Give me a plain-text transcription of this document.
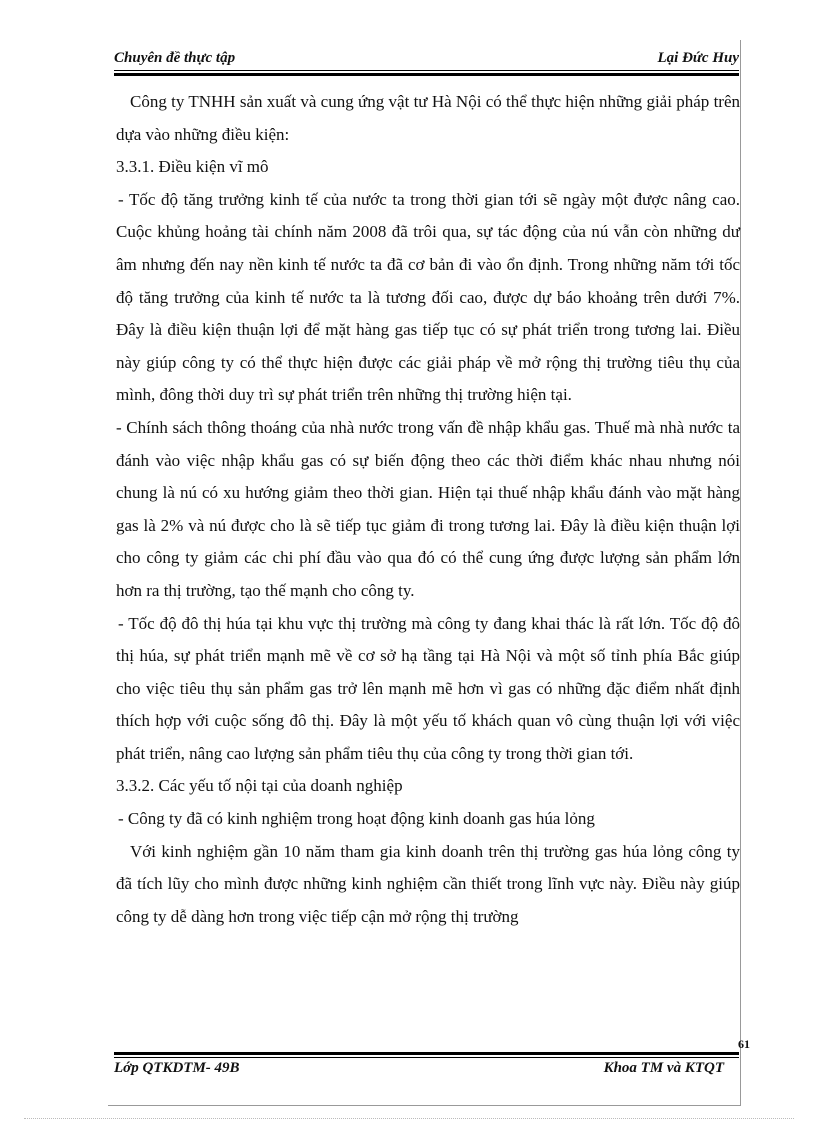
Chuyên đề thực tập	Lại Đức Huy

Công ty TNHH sản xuất và cung ứng vật tư Hà Nội có thể thực hiện những giải pháp trên dựa vào những điều kiện:

3.3.1. Điều kiện vĩ mô

- Tốc độ tăng trưởng kinh tế của nước ta trong thời gian tới sẽ ngày một được nâng cao. Cuộc khủng hoảng tài chính năm 2008 đã trôi qua, sự tác động của nú vẫn còn những dư âm nhưng đến nay nền kinh tế nước ta đã cơ bản đi vào ổn định. Trong những năm tới tốc độ tăng trưởng của kinh tế nước ta là tương đối cao, được dự báo khoảng trên dưới 7%. Đây là điều kiện thuận lợi để mặt hàng gas tiếp tục có sự phát triển trong tương lai. Điều này giúp công ty có thể thực hiện được các giải pháp về mở rộng thị trường tiêu thụ của mình, đông thời duy trì sự phát triển trên những thị trường hiện tại.

- Chính sách thông thoáng của nhà nước trong vấn đề nhập khẩu gas. Thuế mà nhà nước ta đánh vào việc nhập khẩu gas có sự biến động theo các thời điểm khác nhau nhưng nói chung là nú có xu hướng giảm theo thời gian. Hiện tại thuế nhập khẩu đánh vào mặt hàng gas là 2% và nú được cho là sẽ tiếp tục giảm đi trong tương lai. Đây là điều kiện thuận lợi cho công ty giảm các chi phí đầu vào qua đó có thể cung ứng được lượng sản phẩm lớn hơn ra thị trường, tạo thế mạnh cho công ty.

- Tốc độ đô thị húa tại khu vực thị trường mà công ty đang khai thác là rất lớn. Tốc độ đô thị húa, sự phát triển mạnh mẽ về cơ sở hạ tầng tại Hà Nội và một số tỉnh phía Bắc giúp cho việc tiêu thụ sản phẩm gas trở lên mạnh mẽ hơn vì gas có những đặc điểm nhất định thích hợp với cuộc sống đô thị. Đây là một yếu tố khách quan vô cùng thuận lợi với việc phát triển, nâng cao lượng sản phẩm tiêu thụ của công ty trong thời gian tới.

3.3.2. Các yếu tố nội tại của doanh nghiệp

- Công ty đã có kinh nghiệm trong hoạt động kinh doanh gas húa lỏng

Với kinh nghiệm gần 10 năm tham gia kinh doanh trên thị trường gas húa lỏng công ty đã tích lũy cho mình được những kinh nghiệm cần thiết trong lĩnh vực này. Điều này giúp công ty dễ dàng hơn trong việc tiếp cận mở rộng thị trường

61
Lớp QTKDTM- 49B	Khoa TM và KTQT
